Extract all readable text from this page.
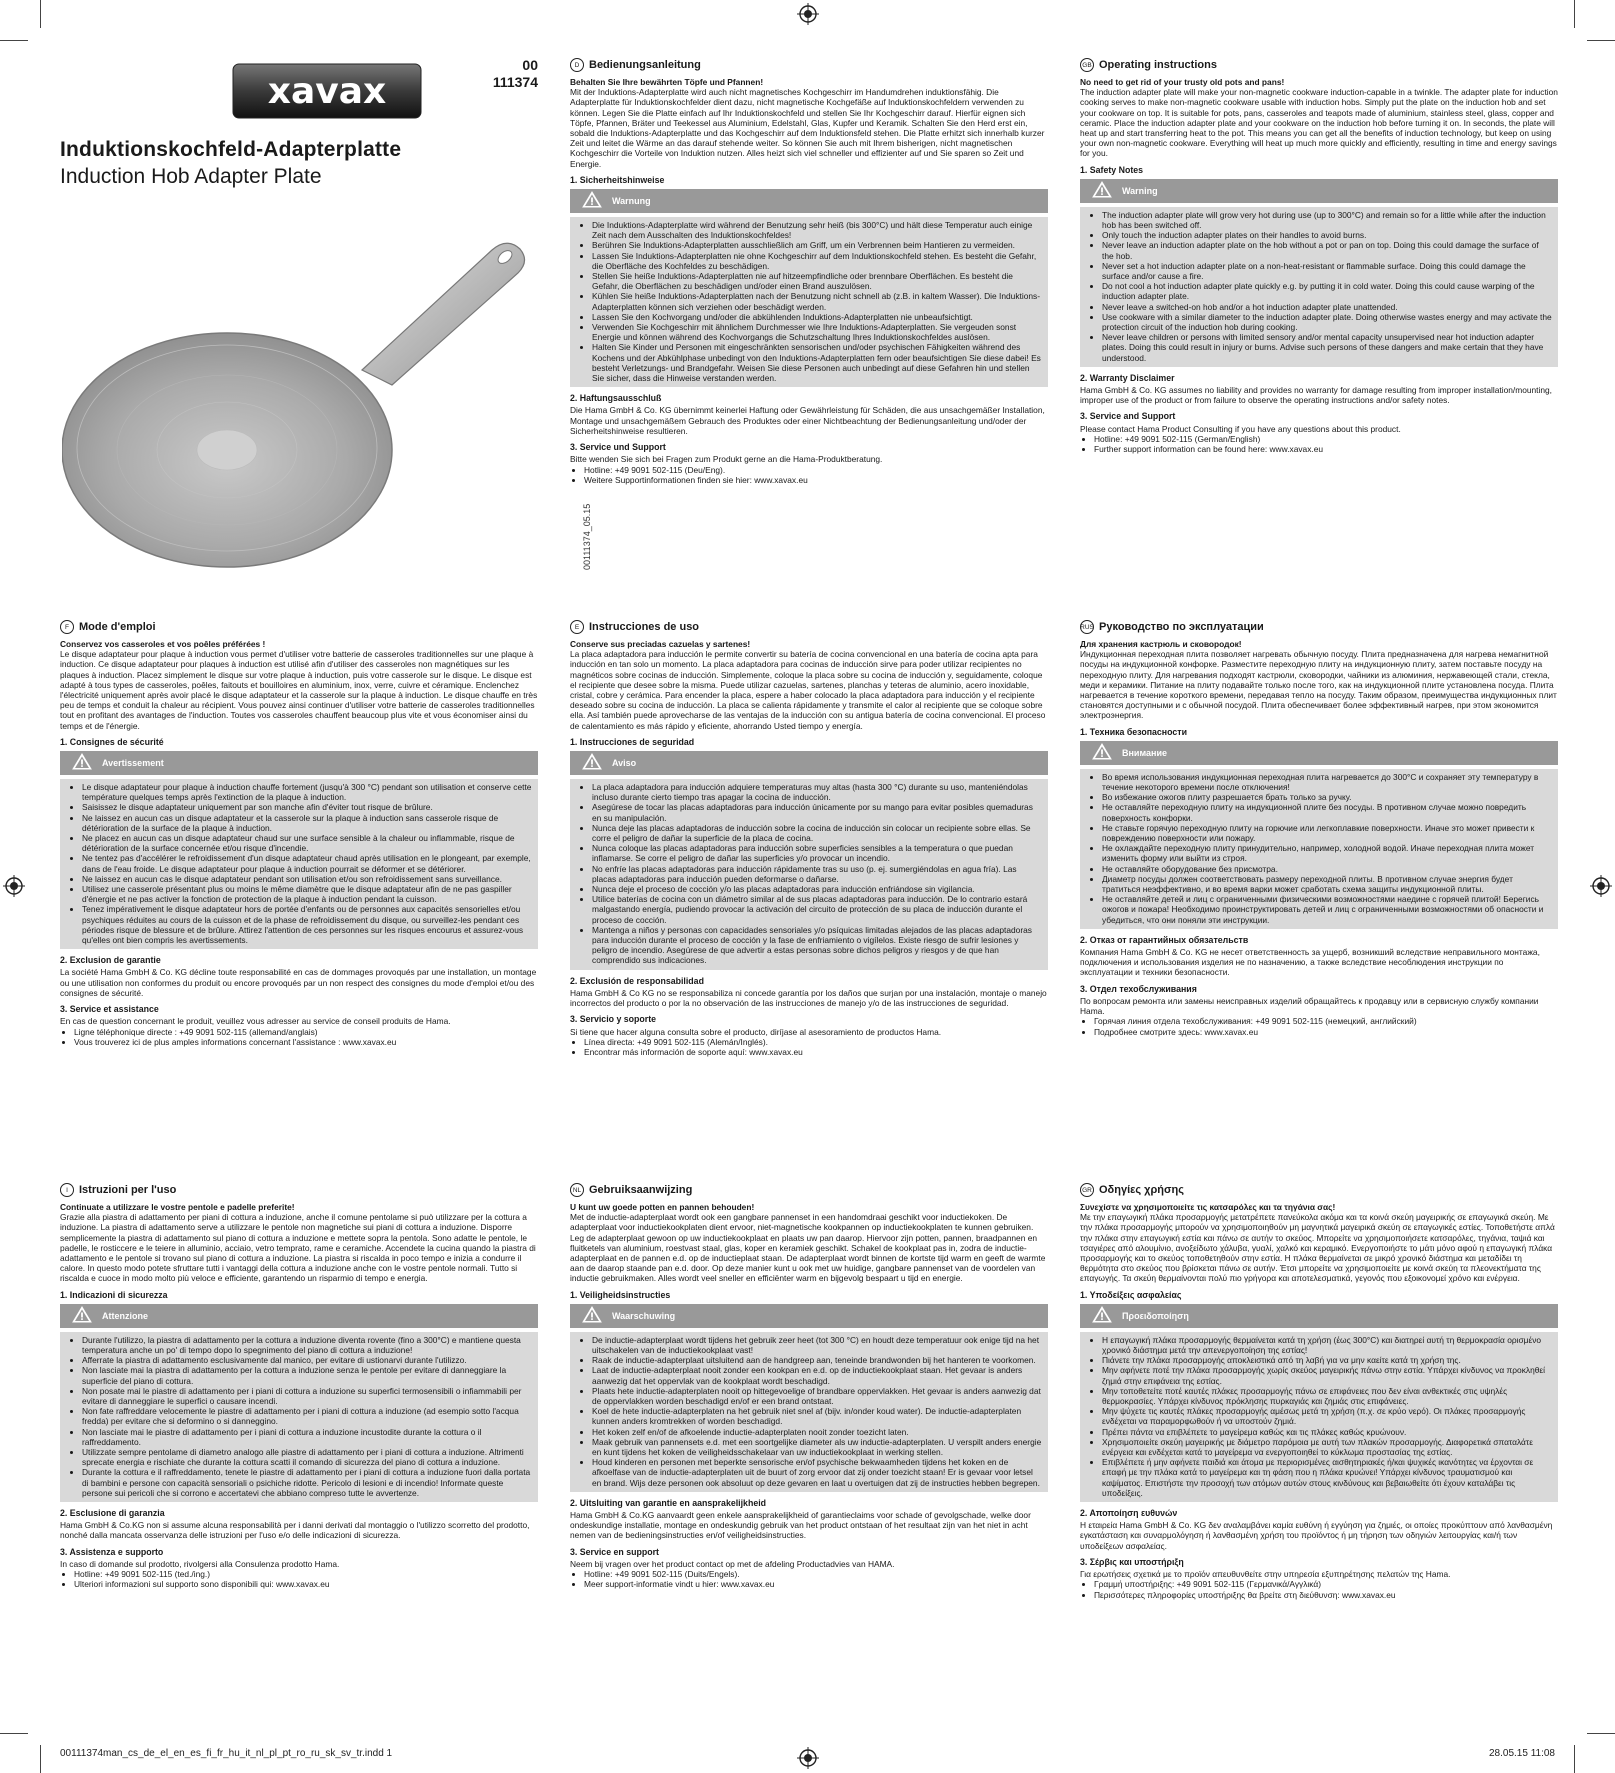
xavax
00
111374
Induktionskochfeld-Adapterplatte
Induction Hob Adapter Plate
00111374_05.15
D Bedienungsanleitung

Behalten Sie Ihre bewährten Töpfe und Pfannen!

Mit der Induktions-Adapterplatte wird auch nicht magnetisches Kochgeschirr im Handumdrehen induktionsfähig. Die Adapterplatte für Induktionskochfelder dient dazu, nicht magnetische Kochgefäße auf Induktionskochfeldern verwenden zu können. Legen Sie die Platte einfach auf Ihr Induktionskochfeld und stellen Sie Ihr Kochgeschirr darauf. Hierfür eignen sich Töpfe, Pfannen, Bräter und Teekessel aus Aluminium, Edelstahl, Glas, Kupfer und Keramik. Schalten Sie den Herd erst ein, sobald die Induktions-Adapterplatte und das Kochgeschirr auf dem Induktionsfeld stehen. Die Platte erhitzt sich innerhalb kurzer Zeit und leitet die Wärme an das darauf stehende weiter. So können Sie auch mit Ihrem bisherigen, nicht magnetischen Kochgeschirr die Vorteile von Induktion nutzen. Alles heizt sich viel schneller und effizienter auf und Sie sparen so Zeit und Energie.

1. Sicherheitshinweise
Warnung
• Die Induktions-Adapterplatte wird während der Benutzung sehr heiß (bis 300°C) und hält diese Temperatur auch einige Zeit nach dem Ausschalten des Induktionskochfeldes!
• Berühren Sie Induktions-Adapterplatten ausschließlich am Griff, um ein Verbrennen beim Hantieren zu vermeiden.
• Lassen Sie Induktions-Adapterplatten nie ohne Kochgeschirr auf dem Induktionskochfeld stehen. Es besteht die Gefahr, die Oberfläche des Kochfeldes zu beschädigen.
• Stellen Sie heiße Induktions-Adapterplatten nie auf hitzeempfindliche oder brennbare Oberflächen. Es besteht die Gefahr, die Oberflächen zu beschädigen und/oder einen Brand auszulösen.
• Kühlen Sie heiße Induktions-Adapterplatten nach der Benutzung nicht schnell ab (z.B. in kaltem Wasser). Die Induktions-Adapterplatten können sich verziehen oder beschädigt werden.
• Lassen Sie den Kochvorgang und/oder die abkühlenden Induktions-Adapterplatten nie unbeaufsichtigt.
• Verwenden Sie Kochgeschirr mit ähnlichem Durchmesser wie Ihre Induktions-Adapterplatten. Sie vergeuden sonst Energie und können während des Kochvorgangs die Schutzschaltung Ihres Induktionskochfeldes auslösen.
• Halten Sie Kinder und Personen mit eingeschränkten sensorischen und/oder psychischen Fähigkeiten während des Kochens und der Abkühlphase unbedingt von den Induktions-Adapterplatten fern oder beaufsichtigen Sie diese dabei! Es besteht Verletzungs- und Brandgefahr. Weisen Sie diese Personen auch unbedingt auf diese Gefahren hin und stellen Sie sicher, dass die Hinweise verstanden werden.
2. Haftungsausschluß

Die Hama GmbH & Co. KG übernimmt keinerlei Haftung oder Gewährleistung für Schäden, die aus unsachgemäßer Installation, Montage und unsachgemäßem Gebrauch des Produktes oder einer Nichtbeachtung der Bedienungsanleitung und/oder der Sicherheitshinweise resultieren.

3. Service und Support

Bitte wenden Sie sich bei Fragen zum Produkt gerne an die Hama-Produktberatung.

• Hotline: +49 9091 502-115 (Deu/Eng).
• Weitere Supportinformationen finden sie hier: www.xavax.eu
GB Operating instructions

No need to get rid of your trusty old pots and pans!

The induction adapter plate will make your non-magnetic cookware induction-capable in a twinkle. The adapter plate for induction cooking serves to make non-magnetic cookware usable with induction hobs. Simply put the plate on the induction hob and set your cookware on top. It is suitable for pots, pans, casseroles and teapots made of aluminium, stainless steel, glass, copper and ceramic. Place the induction adapter plate and your cookware on the induction hob before turning it on. In seconds, the plate will heat up and start transferring heat to the pot. This means you can get all the benefits of induction technology, but keep on using your own non-magnetic cookware. Everything will heat up much more quickly and efficiently, resulting in time and energy savings for you.

1. Safety Notes
Warning
• The induction adapter plate will grow very hot during use (up to 300°C) and remain so for a little while after the induction hob has been switched off.
• Only touch the induction adapter plates on their handles to avoid burns.
• Never leave an induction adapter plate on the hob without a pot or pan on top. Doing this could damage the surface of the hob.
• Never set a hot induction adapter plate on a non-heat-resistant or flammable surface. Doing this could damage the surface and/or cause a fire.
• Do not cool a hot induction adapter plate quickly e.g. by putting it in cold water. Doing this could cause warping of the induction adapter plate.
• Never leave a switched-on hob and/or a hot induction adapter plate unattended.
• Use cookware with a similar diameter to the induction adapter plate. Doing otherwise wastes energy and may activate the protection circuit of the induction hob during cooking.
• Never leave children or persons with limited sensory and/or mental capacity unsupervised near hot induction adapter plates. Doing this could result in injury or burns. Advise such persons of these dangers and make certain that they have understood.
2. Warranty Disclaimer

Hama GmbH & Co. KG assumes no liability and provides no warranty for damage resulting from improper installation/mounting, improper use of the product or from failure to observe the operating instructions and/or safety notes.

3. Service and Support

Please contact Hama Product Consulting if you have any questions about this product.

• Hotline: +49 9091 502-115 (German/English)
• Further support information can be found here: www.xavax.eu
F Mode d'emploi

Conservez vos casseroles et vos poêles préférées !

Le disque adaptateur pour plaque à induction vous permet d'utiliser votre batterie de casseroles traditionnelles sur une plaque à induction. Ce disque adaptateur pour plaques à induction est utilisé afin d'utiliser des casseroles non magnétiques sur les plaques à induction. Placez simplement le disque sur votre plaque à induction, puis votre casserole sur le disque. Le disque est adapté à tous types de casseroles, poêles, faitouts et bouilloires en aluminium, inox, verre, cuivre et céramique. Enclenchez l'électricité uniquement après avoir placé le disque adaptateur et la casserole sur la plaque à induction. Le disque chauffe en très peu de temps et conduit la chaleur au récipient. Vous pouvez ainsi continuer d'utiliser votre batterie de casseroles traditionnelles tout en profitant des avantages de l'induction. Toutes vos casseroles chauffent beaucoup plus vite et vous économiser ainsi du temps et de l'énergie.

1. Consignes de sécurité
Avertissement
• Le disque adaptateur pour plaque à induction chauffe fortement (jusqu'à 300 °C) pendant son utilisation et conserve cette température quelques temps après l'extinction de la plaque à induction.
• Saisissez le disque adaptateur uniquement par son manche afin d'éviter tout risque de brûlure.
• Ne laissez en aucun cas un disque adaptateur et la casserole sur la plaque à induction sans casserole risque de détérioration de la surface de la plaque à induction.
• Ne placez en aucun cas un disque adaptateur chaud sur une surface sensible à la chaleur ou inflammable, risque de détérioration de la surface concernée et/ou risque d'incendie.
• Ne tentez pas d'accélérer le refroidissement d'un disque adaptateur chaud après utilisation en le plongeant, par exemple, dans de l'eau froide. Le disque adaptateur pour plaque à induction pourrait se déformer et se détériorer.
• Ne laissez en aucun cas le disque adaptateur pendant son utilisation et/ou son refroidissement sans surveillance.
• Utilisez une casserole présentant plus ou moins le même diamètre que le disque adaptateur afin de ne pas gaspiller d'énergie et ne pas activer la fonction de protection de la plaque à induction pendant la cuisson.
• Tenez impérativement le disque adaptateur hors de portée d'enfants ou de personnes aux capacités sensorielles et/ou psychiques réduites au cours de la cuisson et de la phase de refroidissement du disque, ou surveillez-les pendant ces périodes risque de blessure et de brûlure. Attirez l'attention de ces personnes sur les risques encourus et assurez-vous qu'elles ont bien compris les avertissements.
2. Exclusion de garantie

La société Hama GmbH & Co. KG décline toute responsabilité en cas de dommages provoqués par une installation, un montage ou une utilisation non conformes du produit ou encore provoqués par un non respect des consignes du mode d'emploi et/ou des consignes de sécurité.

3. Service et assistance

En cas de question concernant le produit, veuillez vous adresser au service de conseil produits de Hama.

• Ligne téléphonique directe : +49 9091 502-115 (allemand/anglais)
• Vous trouverez ici de plus amples informations concernant l'assistance : www.xavax.eu
E Instrucciones de uso

Conserve sus preciadas cazuelas y sartenes!

La placa adaptadora para inducción le permite convertir su batería de cocina convencional en una batería de cocina apta para inducción en tan solo un momento. La placa adaptadora para cocinas de inducción sirve para poder utilizar recipientes no magnéticos sobre cocinas de inducción. Simplemente, coloque la placa sobre su cocina de inducción y, seguidamente, coloque el recipiente que desee sobre la misma. Puede utilizar cazuelas, sartenes, planchas y teteras de aluminio, acero inoxidable, cristal, cobre y cerámica. Para encender la placa, espere a haber colocado la placa adaptadora para inducción y el recipiente deseado sobre su cocina de inducción. La placa se calienta rápidamente y transmite el calor al recipiente que se coloque sobre ella. Así también puede aprovecharse de las ventajas de la inducción con su antigua batería de cocina convencional. El proceso de calentamiento es más rápido y eficiente, ahorrando Usted tiempo y energía.

1. Instrucciones de seguridad
Aviso
• La placa adaptadora para inducción adquiere temperaturas muy altas (hasta 300 °C) durante su uso, manteniéndolas incluso durante cierto tiempo tras apagar la cocina de inducción.
• Asegúrese de tocar las placas adaptadoras para inducción únicamente por su mango para evitar posibles quemaduras en su manipulación.
• Nunca deje las placas adaptadoras de inducción sobre la cocina de inducción sin colocar un recipiente sobre ellas. Se corre el peligro de dañar la superficie de la placa de cocina.
• Nunca coloque las placas adaptadoras para inducción sobre superficies sensibles a la temperatura o que puedan inflamarse. Se corre el peligro de dañar las superficies y/o provocar un incendio.
• No enfríe las placas adaptadoras para inducción rápidamente tras su uso (p. ej. sumergiéndolas en agua fría). Las placas adaptadoras para inducción pueden deformarse o dañarse.
• Nunca deje el proceso de cocción y/o las placas adaptadoras para inducción enfriándose sin vigilancia.
• Utilice baterías de cocina con un diámetro similar al de sus placas adaptadoras para inducción. De lo contrario estará malgastando energía, pudiendo provocar la activación del circuito de protección de su placa de inducción durante el proceso de cocción.
• Mantenga a niños y personas con capacidades sensoriales y/o psíquicas limitadas alejados de las placas adaptadoras para inducción durante el proceso de cocción y la fase de enfriamiento o vigílelos. Existe riesgo de sufrir lesiones y peligro de incendio. Asegúrese de que advertir a estas personas sobre dichos peligros y riesgos y de que han comprendido sus indicaciones.
2. Exclusión de responsabilidad

Hama GmbH & Co KG no se responsabiliza ni concede garantía por los daños que surjan por una instalación, montaje o manejo incorrectos del producto o por la no observación de las instrucciones de manejo y/o de las instrucciones de seguridad.

3. Servicio y soporte

Si tiene que hacer alguna consulta sobre el producto, diríjase al asesoramiento de productos Hama.

• Línea directa: +49 9091 502-115 (Alemán/Inglés).
• Encontrar más información de soporte aquí: www.xavax.eu
RUS Руководство по эксплуатации

Для хранения кастрюль и сковородок!

Индукционная переходная плита позволяет нагревать обычную посуду. Плита предназначена для нагрева немагнитной посуды на индукционной конфорке. Разместите переходную плиту на индукционную плиту, затем поставьте посуду на переходную плиту. Для нагревания подходят кастрюли, сковородки, чайники из алюминия, нержавеющей стали, стекла, меди и керамики. Питание на плиту подавайте только после того, как на индукционной плите установлена посуда. Плита нагревается в течение короткого времени, передавая тепло на посуду. Таким образом, преимущества индукционных плит становятся доступными и с обычной посудой. Плита обеспечивает более эффективный нагрев, при этом экономится электроэнергия.

1. Техника безопасности
Внимание
• Во время использования индукционная переходная плита нагревается до 300°C и сохраняет эту температуру в течение некоторого времени после отключения!
• Во избежание ожогов плиту разрешается брать только за ручку.
• Не оставляйте переходную плиту на индукционной плите без посуды. В противном случае можно повредить поверхность конфорки.
• Не ставьте горячую переходную плиту на горючие или легкоплавкие поверхности. Иначе это может привести к повреждению поверхности или пожару.
• Не охлаждайте переходную плиту принудительно, например, холодной водой. Иначе переходная плита может изменить форму или выйти из строя.
• Не оставляйте оборудование без присмотра.
• Диаметр посуды должен соответствовать размеру переходной плиты. В противном случае энергия будет тратиться неэффективно, и во время варки может сработать схема защиты индукционной плиты.
• Не оставляйте детей и лиц с ограниченными физическими возможностями наедине с горячей плитой! Берегись ожогов и пожара! Необходимо проинструктировать детей и лиц с ограниченными возможностями об опасности и убедиться, что они поняли эти инструкции.
2. Отказ от гарантийных обязательств

Компания Hama GmbH & Co. KG не несет ответственность за ущерб, возникший вследствие неправильного монтажа, подключения и использования изделия не по назначению, а также вследствие несоблюдения инструкции по эксплуатации и техники безопасности.

3. Отдел техобслуживания

По вопросам ремонта или замены неисправных изделий обращайтесь к продавцу или в сервисную службу компании Hama.

• Горячая линия отдела техобслуживания: +49 9091 502-115 (немецкий, английский)
• Подробнее смотрите здесь: www.xavax.eu
I	Istruzioni per l'uso

Continuate a utilizzare le vostre pentole e padelle preferite!

Grazie alla piastra di adattamento per piani di cottura a induzione, anche il comune pentolame si può utilizzare per la cottura a induzione. La piastra di adattamento serve a utilizzare le pentole non magnetiche sui piani di cottura a induzione. Disporre semplicemente la piastra di adattamento sul piano di cottura a induzione e mettete sopra la pentola. Sono adatte le pentole, le padelle, le rosticcere e le teiere in alluminio, acciaio, vetro temprato, rame e ceramiche. Accendete la cucina quando la piastra di adattamento e le pentole si trovano sul piano di cottura a induzione. La piastra si riscalda in poco tempo e inizia a condurre il calore. In questo modo potete sfruttare tutti i vantaggi della cottura a induzione anche con le vostre pentole normali. Tutto si riscalda e cuoce in modo molto più veloce e efficiente, garantendo un risparmio di tempo e energia.

1. Indicazioni di sicurezza
Attenzione
• Durante l'utilizzo, la piastra di adattamento per la cottura a induzione diventa rovente (fino a 300°C) e mantiene questa temperatura anche un po' di tempo dopo lo spegnimento del piano di cottura a induzione!
• Afferrate la piastra di adattamento esclusivamente dal manico, per evitare di ustionarvi durante l'utilizzo.
• Non lasciate mai la piastra di adattamento per la cottura a induzione senza le pentole per evitare di danneggiare la superficie del piano di cottura.
• Non posate mai le piastre di adattamento per i piani di cottura a induzione su superfici termosensibili o infiammabili per evitare di danneggiare le superfici o causare incendi.
• Non fate raffreddare velocemente le piastre di adattamento per i piani di cottura a induzione (ad esempio sotto l'acqua fredda) per evitare che si deformino o si danneggino.
• Non lasciate mai le piastre di adattamento per i piani di cottura a induzione incustodite durante la cottura o il raffreddamento.
• Utilizzate sempre pentolame di diametro analogo alle piastre di adattamento per i piani di cottura a induzione. Altrimenti sprecate energia e rischiate che durante la cottura scatti il comando di sicurezza del piano di cottura a induzione.
• Durante la cottura e il raffreddamento, tenete le piastre di adattamento per i piani di cottura a induzione fuori dalla portata di bambini e persone con capacità sensoriali o psichiche ridotte. Pericolo di lesioni e di incendio! Informate queste persone sui pericoli che si corrono e accertatevi che abbiano compreso tutte le avvertenze.
2. Esclusione di garanzia

Hama GmbH & Co.KG non si assume alcuna responsabilità per i danni derivati dal montaggio o l'utilizzo scorretto del prodotto, nonché dalla mancata osservanza delle istruzioni per l'uso e/o delle indicazioni di sicurezza.

3. Assistenza e supporto

In caso di domande sul prodotto, rivolgersi alla Consulenza prodotto Hama.

• Hotline: +49 9091 502-115 (ted./ing.)
• Ulteriori informazioni sul supporto sono disponibili qui: www.xavax.eu
NL Gebruiksaanwijzing

U kunt uw goede potten en pannen behouden!

Met de inductie-adapterplaat wordt ook een gangbare pannenset in een handomdraai geschikt voor inductiekoken. De adapterplaat voor inductiekookplaten dient ervoor, niet-magnetische kookpannen op inductiekookplaten te kunnen gebruiken. Leg de adapterplaat gewoon op uw inductiekookplaat en plaats uw pan daarop. Hiervoor zijn potten, pannen, braadpannen en fluitketels van aluminium, roestvast staal, glas, koper en keramiek geschikt. Schakel de kookplaat pas in, zodra de inductie-adapterplaat en de pannen e.d. op de inductieplaat staan. De adapterplaat wordt binnen de kortste tijd warm en geeft de warmte aan de daarop staande pan e.d. door. Op deze manier kunt u ook met uw huidige, gangbare pannenset van de voordelen van inductie gebruikmaken. Alles wordt veel sneller en efficiënter warm en bijgevolg bespaart u tijd en energie.

1. Veiligheidsinstructies
Waarschuwing
• De inductie-adapterplaat wordt tijdens het gebruik zeer heet (tot 300 °C) en houdt deze temperatuur ook enige tijd na het uitschakelen van de inductiekookplaat vast!
• Raak de inductie-adapterplaat uitsluitend aan de handgreep aan, teneinde brandwonden bij het hanteren te voorkomen.
• Laat de inductie-adapterplaat nooit zonder een kookpan en e.d. op de inductiekookplaat staan. Het gevaar is anders aanwezig dat het oppervlak van de kookplaat wordt beschadigd.
• Plaats hete inductie-adapterplaten nooit op hittegevoelige of brandbare oppervlakken. Het gevaar is anders aanwezig dat de oppervlakken worden beschadigd en/of er een brand ontstaat.
• Koel de hete inductie-adapterplaten na het gebruik niet snel af (bijv. in/onder koud water). De inductie-adapterplaten kunnen anders kromtrekken of worden beschadigd.
• Het koken zelf en/of de afkoelende inductie-adapterplaten nooit zonder toezicht laten.
• Maak gebruik van pannensets e.d. met een soortgelijke diameter als uw inductie-adapterplaten. U verspilt anders energie en kunt tijdens het koken de veiligheidsschakelaar van uw inductiekookplaat in werking stellen.
• Houd kinderen en personen met beperkte sensorische en/of psychische bekwaamheden tijdens het koken en de afkoelfase van de inductie-adapterplaten uit de buurt of zorg ervoor dat zij onder toezicht staan! Er is gevaar voor letsel en brand. Wijs deze personen ook absoluut op deze gevaren en laat u overtuigen dat zij de instructies hebben begrepen.
2. Uitsluiting van garantie en aansprakelijkheid

Hama GmbH & Co.KG aanvaardt geen enkele aansprakelijkheid of garantieclaims voor schade of gevolgschade, welke door ondeskundige installatie, montage en ondeskundig gebruik van het product ontstaan of het resultaat zijn van het niet in acht nemen van de bedieningsinstructies en/of veiligheidsinstructies.

3. Service en support

Neem bij vragen over het product contact op met de afdeling Productadvies van HAMA.

• Hotline: +49 9091 502-115 (Duits/Engels).
• Meer support-informatie vindt u hier: www.xavax.eu
GR Οδηγίες χρήσης

Συνεχίστε να χρησιμοποιείτε τις κατσαρόλες και τα τηγάνια σας!

Με την επαγωγική πλάκα προσαρμογής μετατρέπετε πανεύκολα ακόμα και τα κοινά σκεύη μαγειρικής σε επαγωγικά σκεύη. Με την πλάκα προσαρμογής μπορούν να χρησιμοποιηθούν μη μαγνητικά μαγειρικά σκεύη σε επαγωγικές εστίες. Τοποθετήστε απλά την πλάκα στην επαγωγική εστία και πάνω σε αυτήν το σκεύος. Μπορείτε να χρησιμοποιήσετε κατσαρόλες, τηγάνια, ταψιά και τσαγιέρες από αλουμίνιο, ανοξείδωτο χάλυβα, γυαλί, χαλκό και κεραμικό. Ενεργοποιήστε το μάτι μόνο αφού η επαγωγική πλάκα προσαρμογής και το σκεύος τοποθετηθούν στην εστία. Η πλάκα θερμαίνεται σε μικρό χρονικό διάστημα και μεταδίδει τη θερμότητα στο σκεύος που βρίσκεται πάνω σε αυτήν. Έτσι μπορείτε να χρησιμοποιείτε με κοινά σκεύη τα πλεονεκτήματα της επαγωγής. Τα σκεύη θερμαίνονται πολύ πιο γρήγορα και αποτελεσματικά, γεγονός που εξοικονομεί χρόνο και ενέργεια.

1. Υποδείξεις ασφαλείας
Προειδοποίηση
• Η επαγωγική πλάκα προσαρμογής θερμαίνεται κατά τη χρήση (έως 300°C) και διατηρεί αυτή τη θερμοκρασία ορισμένο χρονικό διάστημα μετά την απενεργοποίηση της εστίας!
• Πιάνετε την πλάκα προσαρμογής αποκλειστικά από τη λαβή για να μην καείτε κατά τη χρήση της.
• Μην αφήνετε ποτέ την πλάκα προσαρμογής χωρίς σκεύος μαγειρικής πάνω στην εστία. Υπάρχει κίνδυνος να προκληθεί ζημιά στην επιφάνεια της εστίας.
• Μην τοποθετείτε ποτέ καυτές πλάκες προσαρμογής πάνω σε επιφάνειες που δεν είναι ανθεκτικές στις υψηλές θερμοκρασίες. Υπάρχει κίνδυνος πρόκλησης πυρκαγιάς και ζημιάς στις επιφάνειες.
• Μην ψύχετε τις καυτές πλάκες προσαρμογής αμέσως μετά τη χρήση (π.χ. σε κρύο νερό). Οι πλάκες προσαρμογής ενδέχεται να παραμορφωθούν ή να υποστούν ζημιά.
• Πρέπει πάντα να επιβλέπετε το μαγείρεμα καθώς και τις πλάκες καθώς κρυώνουν.
• Χρησιμοποιείτε σκεύη μαγειρικής με διάμετρο παρόμοια με αυτή των πλακών προσαρμογής. Διαφορετικά σπαταλάτε ενέργεια και ενδέχεται κατά το μαγείρεμα να ενεργοποιηθεί το κύκλωμα προστασίας της εστίας.
• Επιβλέπετε ή μην αφήνετε παιδιά και άτομα με περιορισμένες αισθητηριακές ή/και ψυχικές ικανότητες να έρχονται σε επαφή με την πλάκα κατά το μαγείρεμα και τη φάση που η πλάκα κρυώνει! Υπάρχει κίνδυνος τραυματισμού και καψίματος. Επιστήστε την προσοχή των ατόμων αυτών στους κινδύνους και βεβαιωθείτε ότι έχουν καταλάβει τις υποδείξεις.
2. Αποποίηση ευθυνών

Η εταιρεία Hama GmbH & Co. KG δεν αναλαμβάνει καμία ευθύνη ή εγγύηση για ζημιές, οι οποίες προκύπτουν από λανθασμένη εγκατάσταση και συναρμολόγηση ή λανθασμένη χρήση του προϊόντος ή μη τήρηση των οδηγιών λειτουργίας και/ή των υποδείξεων ασφαλείας.

3. Σέρβις και υποστήριξη

Για ερωτήσεις σχετικά με το προϊόν απευθυνθείτε στην υπηρεσία εξυπηρέτησης πελατών της Hama.

• Γραμμή υποστήριξης: +49 9091 502-115 (Γερμανικά/Αγγλικά)
• Περισσότερες πληροφορίες υποστήριξης θα βρείτε στη διεύθυνση: www.xavax.eu
00111374man_cs_de_el_en_es_fi_fr_hu_it_nl_pl_pt_ro_ru_sk_sv_tr.indd 1	28.05.15 11:08
